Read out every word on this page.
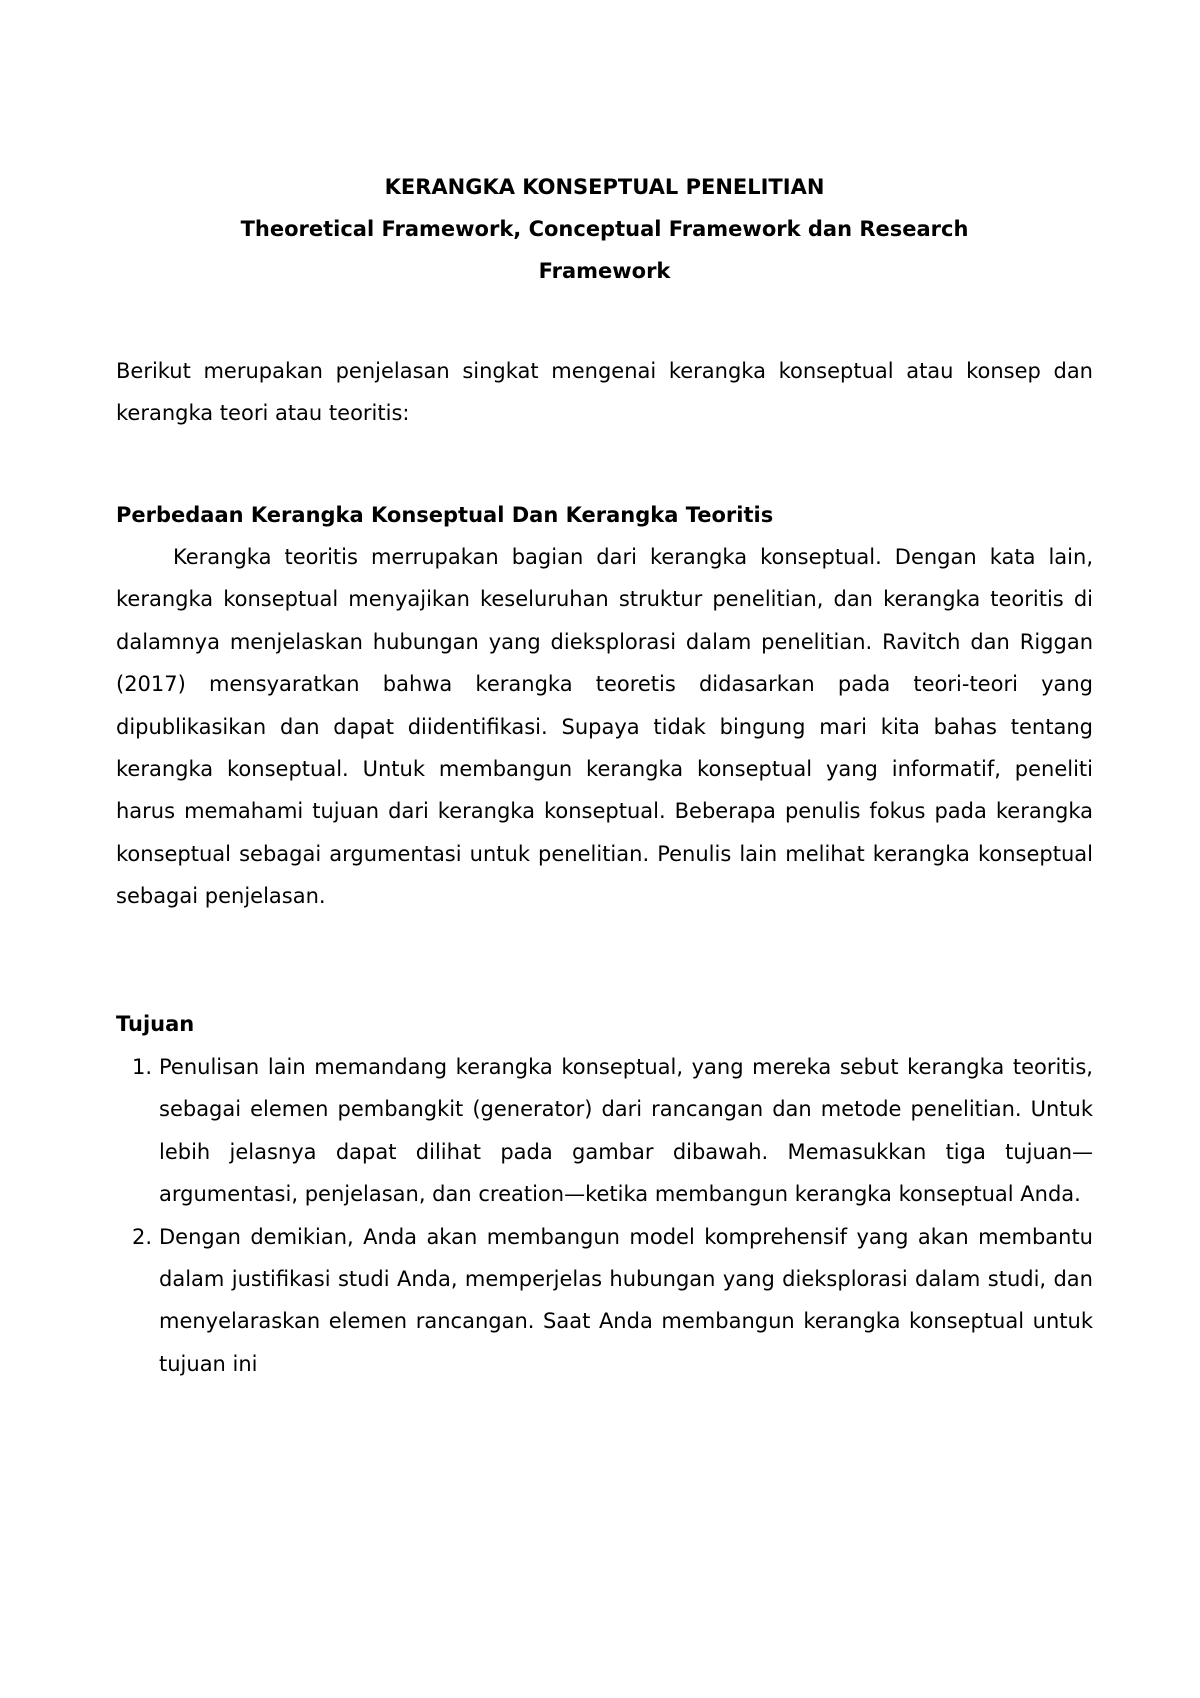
KERANGKA KONSEPTUAL PENELITIAN
Theoretical Framework, Conceptual Framework dan Research
Framework
Berikut merupakan penjelasan singkat mengenai kerangka konseptual atau konsep dan kerangka teori atau teoritis:
Perbedaan Kerangka Konseptual Dan Kerangka Teoritis
Kerangka teoritis merrupakan bagian dari kerangka konseptual. Dengan kata lain, kerangka konseptual menyajikan keseluruhan struktur penelitian, dan kerangka teoritis di dalamnya menjelaskan hubungan yang dieksplorasi dalam penelitian. Ravitch dan Riggan (2017) mensyaratkan bahwa kerangka teoretis didasarkan pada teori-teori yang dipublikasikan dan dapat diidentifikasi. Supaya tidak bingung mari kita bahas tentang kerangka konseptual. Untuk membangun kerangka konseptual yang informatif, peneliti harus memahami tujuan dari kerangka konseptual. Beberapa penulis fokus pada kerangka konseptual sebagai argumentasi untuk penelitian. Penulis lain melihat kerangka konseptual sebagai penjelasan.
Tujuan
1. Penulisan lain memandang kerangka konseptual, yang mereka sebut kerangka teoritis, sebagai elemen pembangkit (generator) dari rancangan dan metode penelitian. Untuk lebih jelasnya dapat dilihat pada gambar dibawah. Memasukkan tiga tujuan—argumentasi, penjelasan, dan creation—ketika membangun kerangka konseptual Anda.
2. Dengan demikian, Anda akan membangun model komprehensif yang akan membantu dalam justifikasi studi Anda, memperjelas hubungan yang dieksplorasi dalam studi, dan menyelaraskan elemen rancangan. Saat Anda membangun kerangka konseptual untuk tujuan ini
